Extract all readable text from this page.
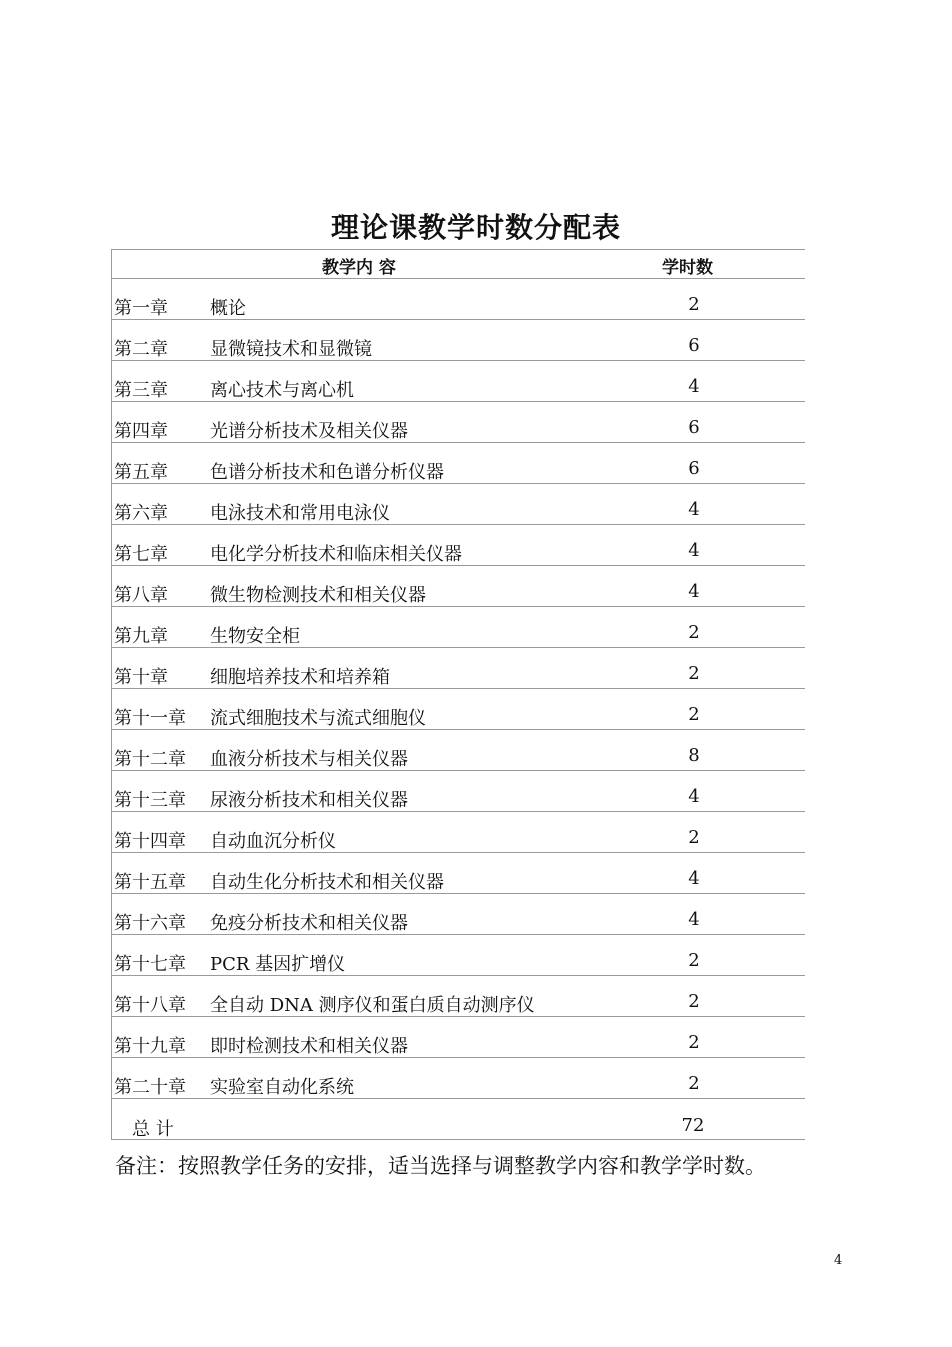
理论课教学时数分配表
教学内 容	学时数
第一章 概论	2
第二章 显微镜技术和显微镜	6
第三章 离心技术与离心机	4
第四章 光谱分析技术及相关仪器	6
第五章 色谱分析技术和色谱分析仪器	6
第六章 电泳技术和常用电泳仪	4
第七章 电化学分析技术和临床相关仪器	4
第八章 微生物检测技术和相关仪器	4
第九章 生物安全柜	2
第十章 细胞培养技术和培养箱	2
第十一章 流式细胞技术与流式细胞仪	2
第十二章 血液分析技术与相关仪器	8
第十三章 尿液分析技术和相关仪器	4
第十四章 自动血沉分析仪	2
第十五章 自动生化分析技术和相关仪器	4
第十六章 免疫分析技术和相关仪器	4
第十七章 PCR 基因扩增仪	2
第十八章 全自动 DNA 测序仪和蛋白质自动测序仪	2
第十九章 即时检测技术和相关仪器	2
第二十章 实验室自动化系统	2
总 计	72
备注：按照教学任务的安排，适当选择与调整教学内容和教学学时数。
4
